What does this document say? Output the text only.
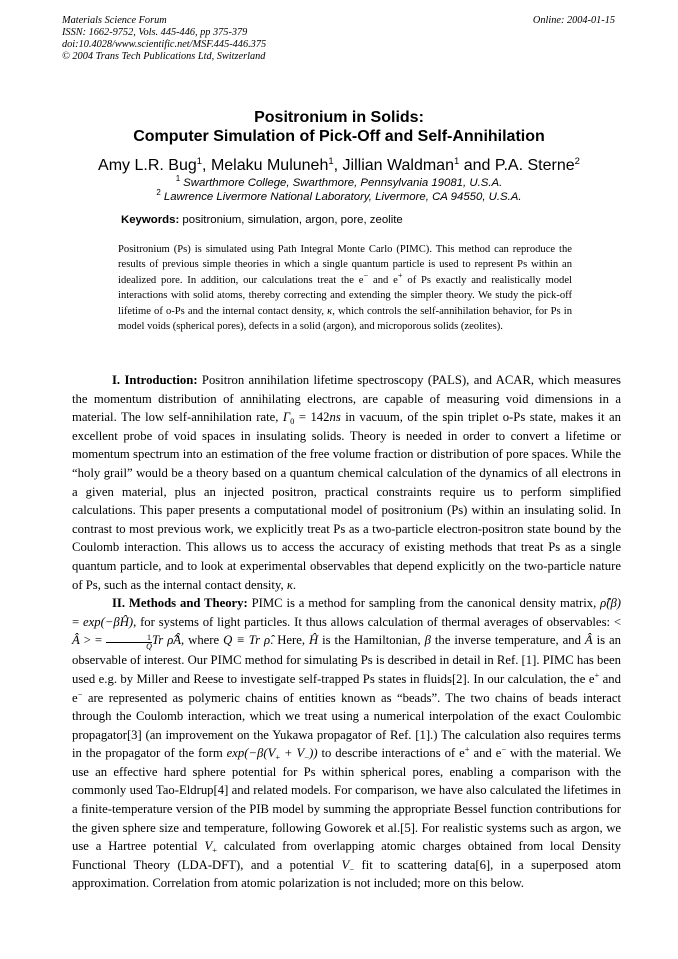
Materials Science Forum
ISSN: 1662-9752, Vols. 445-446, pp 375-379
doi:10.4028/www.scientific.net/MSF.445-446.375
© 2004 Trans Tech Publications Ltd, Switzerland
Online: 2004-01-15
Positronium in Solids:
Computer Simulation of Pick-Off and Self-Annihilation
Amy L.R. Bug$^1$, Melaku Muluneh$^1$, Jillian Waldman$^1$ and P.A. Sterne$^2$
$^1$ Swarthmore College, Swarthmore, Pennsylvania 19081, U.S.A.
$^2$ Lawrence Livermore National Laboratory, Livermore, CA 94550, U.S.A.
Keywords: positronium, simulation, argon, pore, zeolite
Positronium (Ps) is simulated using Path Integral Monte Carlo (PIMC). This method can reproduce the results of previous simple theories in which a single quantum particle is used to represent Ps within an idealized pore. In addition, our calculations treat the e− and e+ of Ps exactly and realistically model interactions with solid atoms, thereby correcting and extending the simpler theory. We study the pick-off lifetime of o-Ps and the internal contact density, κ, which controls the self-annihilation behavior, for Ps in model voids (spherical pores), defects in a solid (argon), and microporous solids (zeolites).

I. Introduction: Positron annihilation lifetime spectroscopy (PALS), and ACAR, which measures the momentum distribution of annihilating electrons, are capable of measuring void dimensions in a material. The low self-annihilation rate, $\Gamma_0 = 142ns$ in vacuum, of the spin triplet o-Ps state, makes it an excellent probe of void spaces in insulating solids. Theory is needed in order to convert a lifetime or momentum spectrum into an estimation of the free volume fraction or distribution of pore spaces. While the “holy grail” would be a theory based on a quantum chemical calculation of the dynamics of all electrons in a given material, plus an injected positron, practical constraints require us to perform simplified calculations. This paper presents a computational model of positronium (Ps) within an insulating solid. In contrast to most previous work, we explicitly treat Ps as a two-particle electron-positron state bound by the Coulomb interaction. This allows us to access the accuracy of existing methods that treat Ps as a single quantum particle, and to look at experimental observables that depend explicitly on the two-particle nature of Ps, such as the internal contact density, κ.

II. Methods and Theory: PIMC is a method for sampling from the canonical density matrix, ρ̂(β) = exp(−βĤ), for systems of light particles. It thus allows calculation of thermal averages of observables: < Â > = $\frac{1}{Q}$ Tr ρ̂Â, where Q ≡ Tr ρ̂. Here, Ĥ is the Hamiltonian, β the inverse temperature, and Â is an observable of interest. Our PIMC method for simulating Ps is described in detail in Ref. [1]. PIMC has been used e.g. by Miller and Reese to investigate self-trapped Ps states in fluids[2]. In our calculation, the e+ and e− are represented as polymeric chains of entities known as “beads”. The two chains of beads interact through the Coulomb interaction, which we treat using a numerical interpolation of the exact Coulombic propagator[3] (an improvement on the Yukawa propagator of Ref. [1].) The calculation also requires terms in the propagator of the form $\exp(-\beta(V_+ + V_-))$ to describe interactions of e+ and e− with the material. We use an effective hard sphere potential for Ps within spherical pores, enabling a comparison with the commonly used Tao-Eldrup[4] and related models. For comparison, we have also calculated the lifetimes in a finite-temperature version of the PIB model by summing the appropriate Bessel function contributions for the given sphere size and temperature, following Goworek et al.[5]. For realistic systems such as argon, we use a Hartree potential $V_+$ calculated from overlapping atomic charges obtained from local Density Functional Theory (LDA-DFT), and a potential $V_-$ fit to scattering data[6], in a superposed atom approximation. Correlation from atomic polarization is not included; more on this below.
